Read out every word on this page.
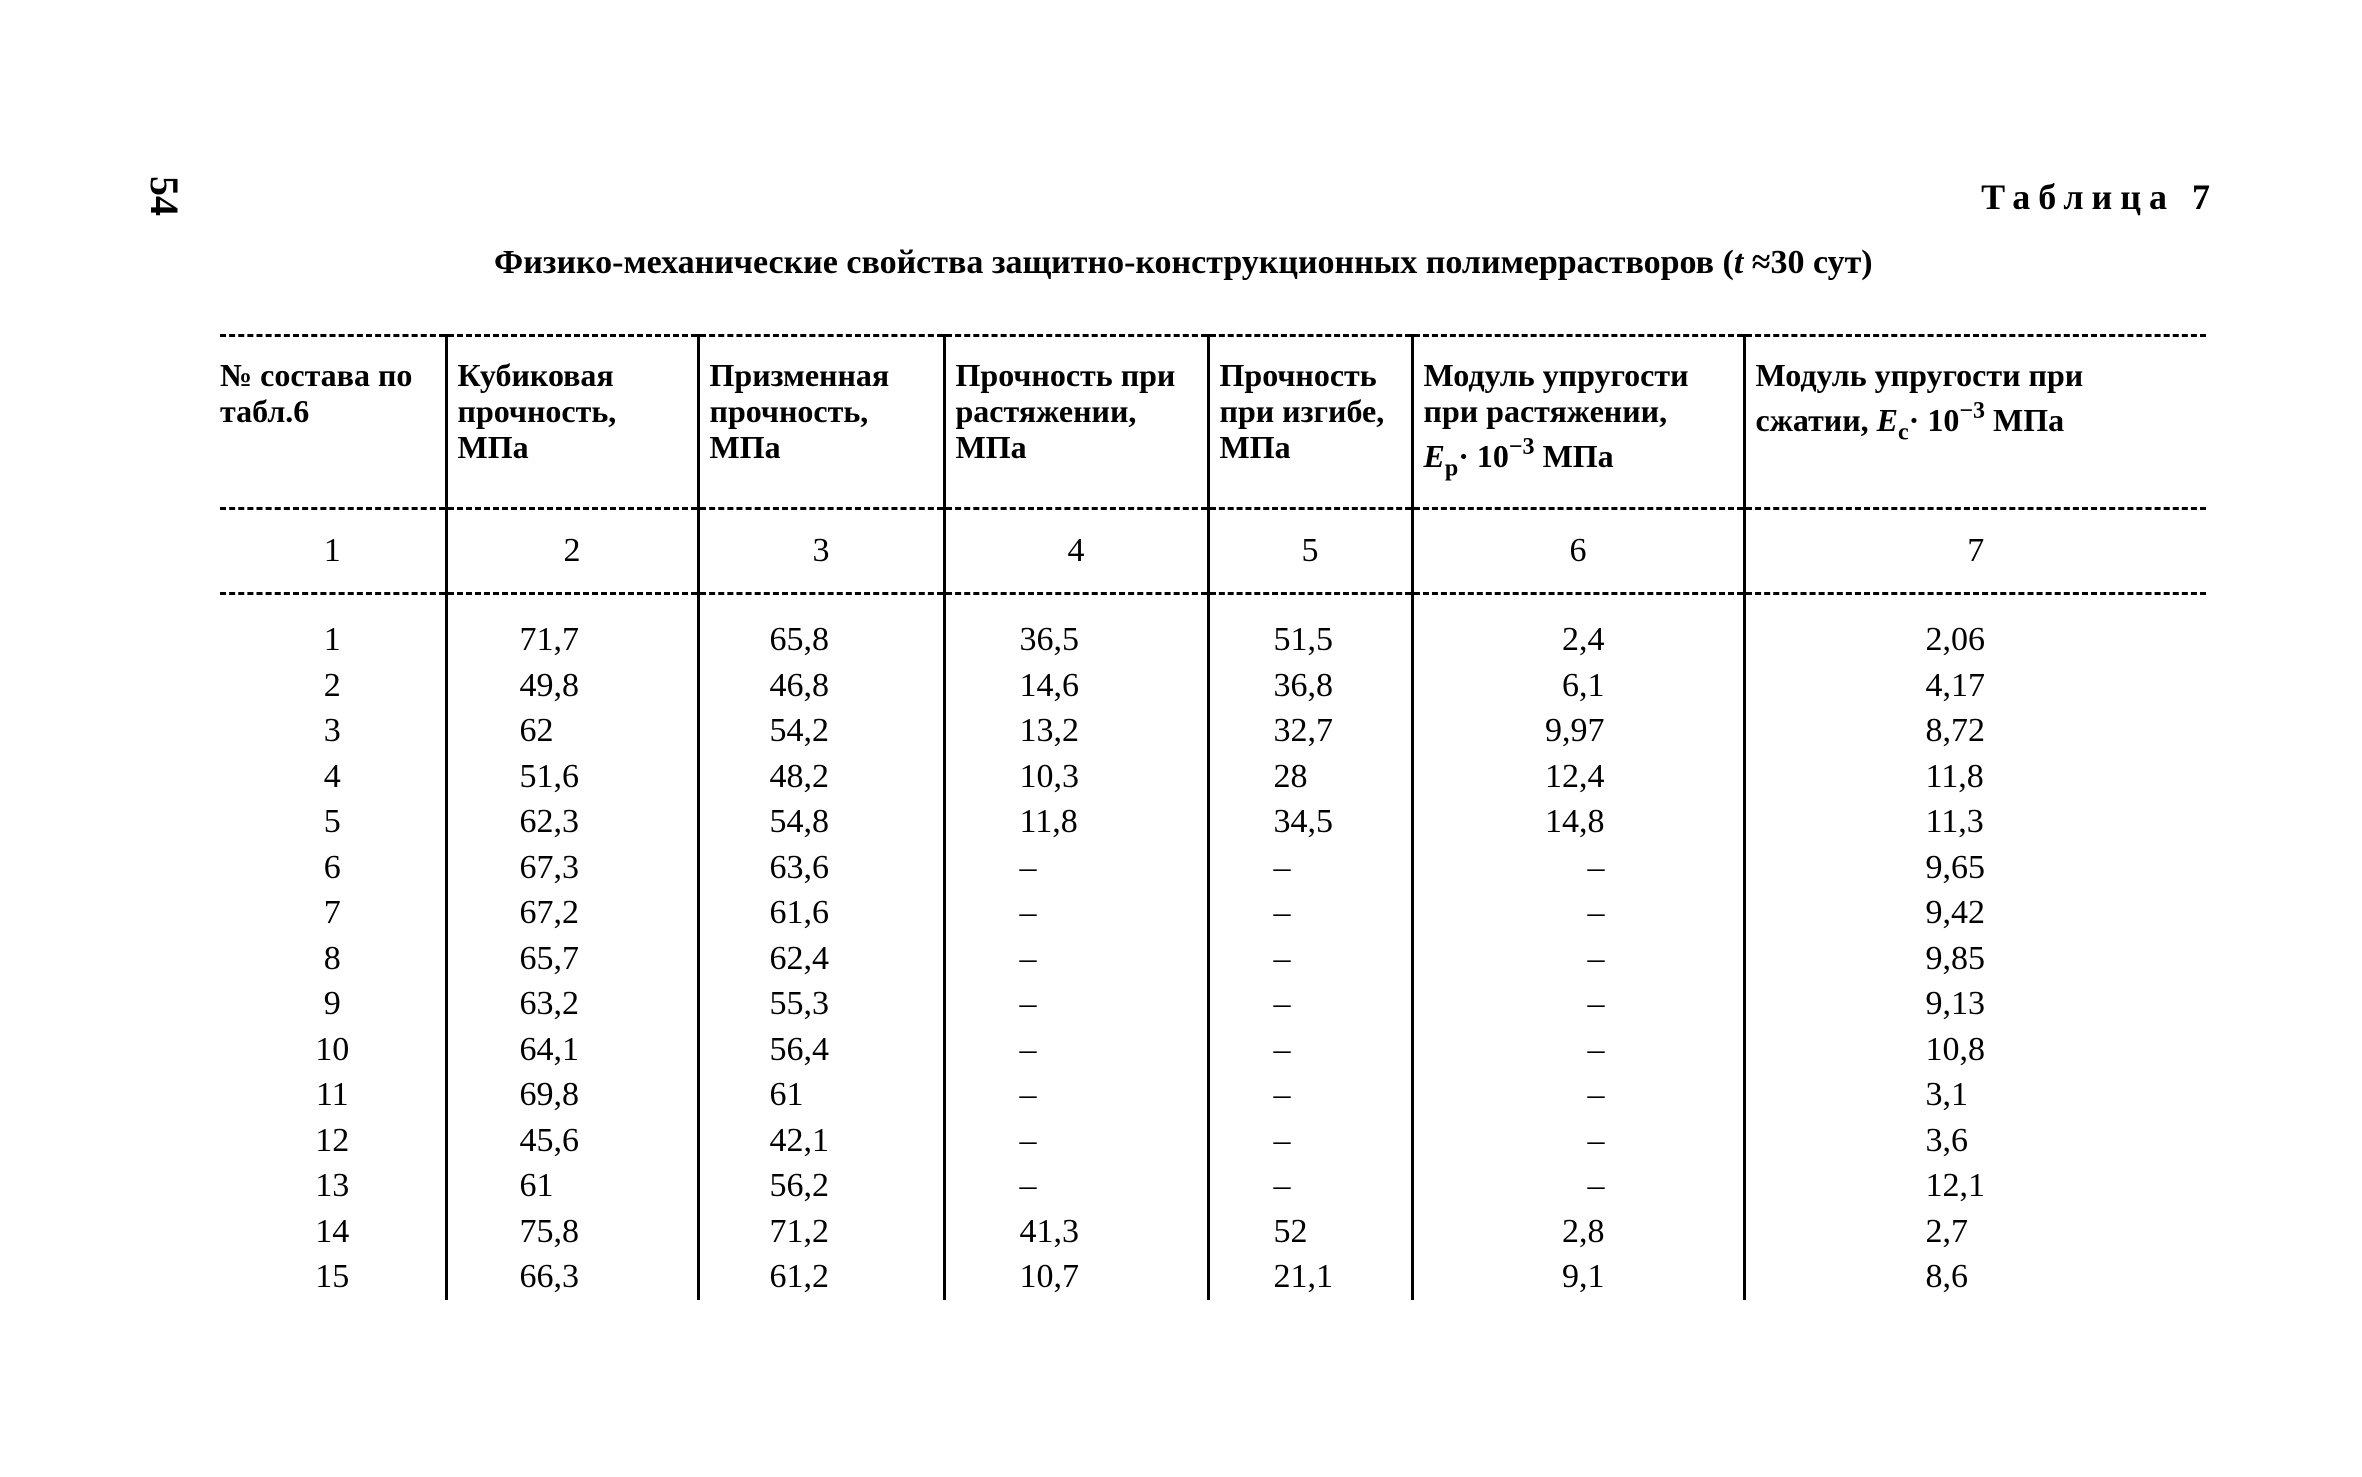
54	Таблица 7
Физико-механические свойства защитно-конструкционных полимеррастворов (t ≈30 сут)
№ состава по табл.6	Кубиковая прочность, МПа	Призменная прочность, МПа	Прочность при растяжении, МПа	Прочность при изгибе, МПа	Модуль упругости при растяжении,
$E_р\cdot 10^{-3}$ МПа	Модуль упругости при сжатии, $E_с\cdot 10^{-3}$ МПа
1	2	3	4	5	6	7
1	71,7	65,8	36,5	51,5	2,4	2,06
2	49,8	46,8	14,6	36,8	6,1	4,17
3	62	54,2	13,2	32,7	9,97	8,72
4	51,6	48,2	10,3	28	12,4	11,8
5	62,3	54,8	11,8	34,5	14,8	11,3
6	67,3	63,6	–	–	–	9,65
7	67,2	61,6	–	–	–	9,42
8	65,7	62,4	–	–	–	9,85
9	63,2	55,3	–	–	–	9,13
10	64,1	56,4	–	–	–	10,8
11	69,8	61	–	–	–	3,1
12	45,6	42,1	–	–	–	3,6
13	61	56,2	–	–	–	12,1
14	75,8	71,2	41,3	52	2,8	2,7
15	66,3	61,2	10,7	21,1	9,1	8,6
